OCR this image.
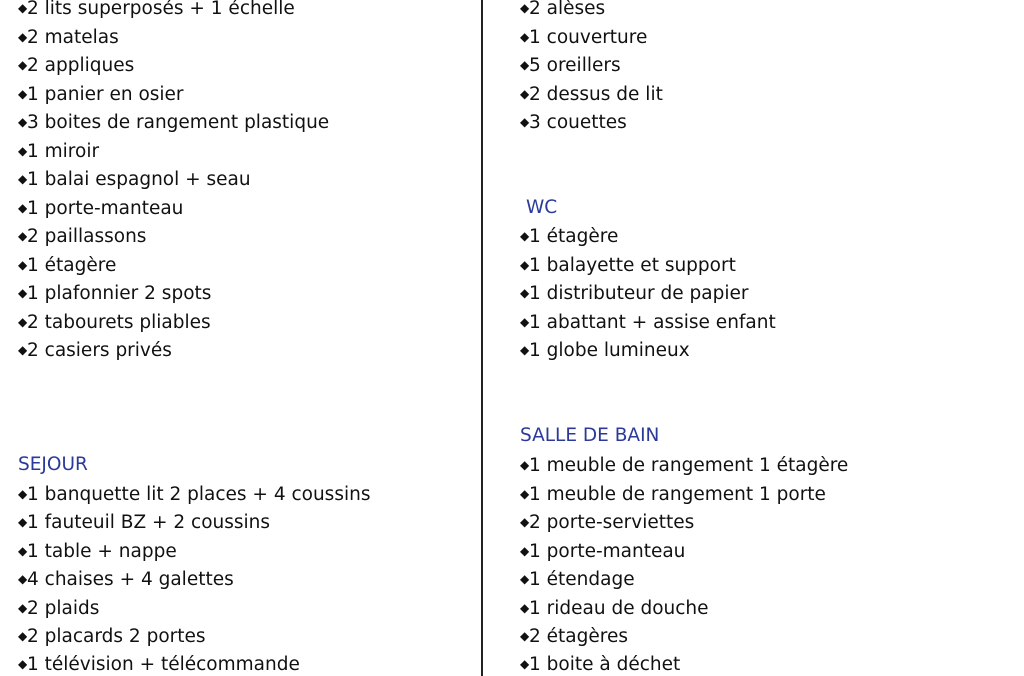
◆2 lits superposés + 1 échelle
◆2 matelas
◆2 appliques
◆1 panier en osier
◆3 boites de rangement plastique
◆1 miroir
◆1 balai espagnol + seau
◆1 porte-manteau
◆2 paillassons
◆1 étagère
◆1 plafonnier 2 spots
◆2 tabourets pliables
◆2 casiers privés
SEJOUR
◆1 banquette lit 2 places + 4 coussins
◆1 fauteuil BZ + 2 coussins
◆1 table + nappe
◆4 chaises + 4 galettes
◆2 plaids
◆2 placards 2 portes
◆1 télévision + télécommande
◆2 alèses
◆1 couverture
◆5 oreillers
◆2 dessus de lit
◆3 couettes
WC
◆1 étagère
◆1 balayette et support
◆1 distributeur de papier
◆1 abattant + assise enfant
◆1 globe lumineux
SALLE DE BAIN
◆1 meuble de rangement 1 étagère
◆1 meuble de rangement 1 porte
◆2 porte-serviettes
◆1 porte-manteau
◆1 étendage
◆1 rideau de douche
◆2 étagères
◆1 boite à déchet
